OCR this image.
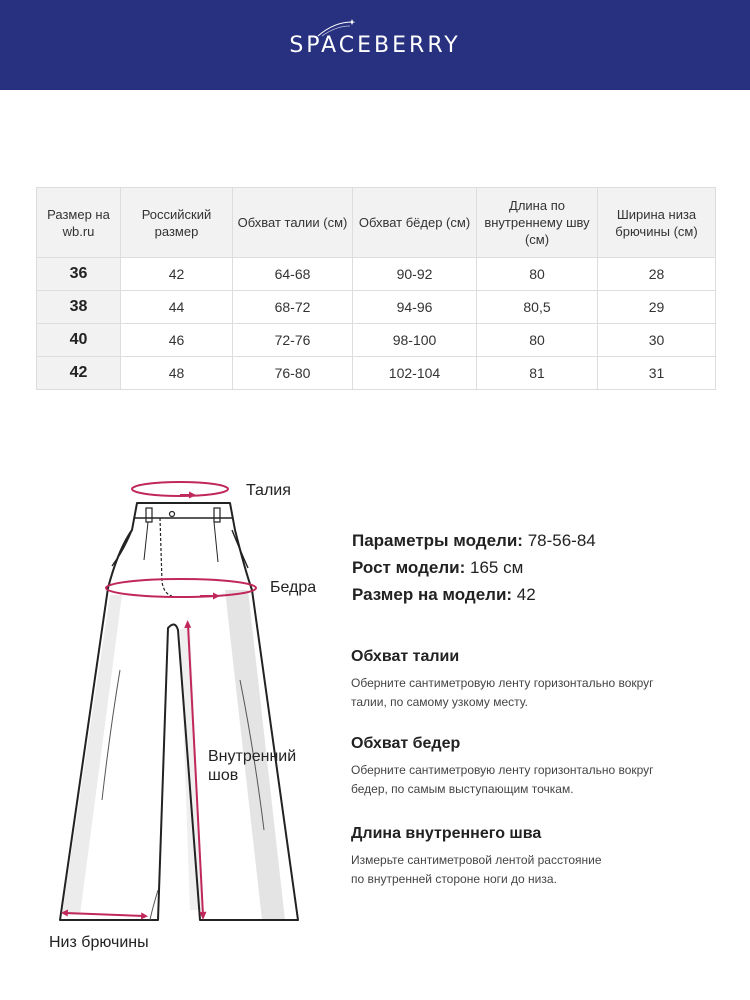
SPACEBERRY
Размер на wb.ru	Российский размер	Обхват талии (см)	Обхват бёдер (см)	Длина по внутреннему шву (см)	Ширина низа брючины (см)
36	42	64-68	90-92	80	28
38	44	68-72	94-96	80,5	29
40	46	72-76	98-100	80	30
42	48	76-80	102-104	81	31
Талия
Бедра
Внутренний
шов
Низ брючины
Параметры модели: 78-56-84
Рост модели: 165 см
Размер на модели: 42
Обхват талии
Оберните сантиметровую ленту горизонтально вокруг
талии, по самому узкому месту.
Обхват бедер
Оберните сантиметровую ленту горизонтально вокруг
бедер, по самым выступающим точкам.
Длина внутреннего шва
Измерьте сантиметровой лентой расстояние
по внутренней стороне ноги до низа.
